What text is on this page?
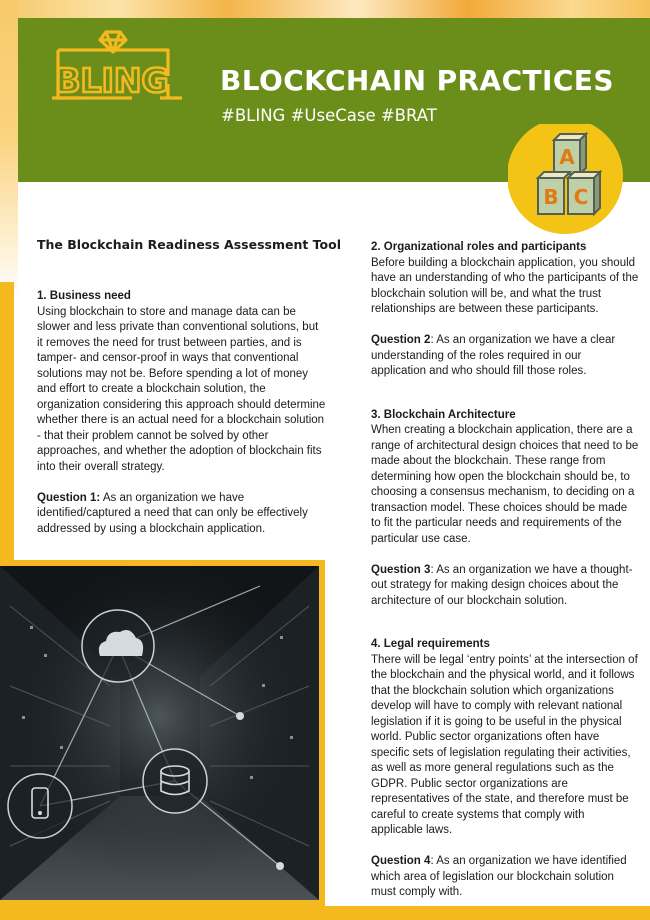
BLING BLOCKCHAIN PRACTICES
#BLING #UseCase #BRAT
A
B C
The Blockchain Readiness Assessment Tool
1. Business need

Using blockchain to store and manage data can be slower and less private than conventional solutions, but it removes the need for trust between parties, and is tamper- and censor-proof in ways that conventional solutions may not be. Before spending a lot of money and effort to create a blockchain solution, the organization considering this approach should determine whether there is an actual need for a blockchain solution - that their problem cannot be solved by other approaches, and whether the adoption of blockchain fits into their overall strategy.

Question 1: As an organization we have identified/captured a need that can only be effectively addressed by using a blockchain application.

2. Organizational roles and participants

Before building a blockchain application, you should have an understanding of who the participants of the blockchain solution will be, and what the trust relationships are between these participants.

Question 2: As an organization we have a clear understanding of the roles required in our application and who should fill those roles.

3. Blockchain Architecture

When creating a blockchain application, there are a range of architectural design choices that need to be made about the blockchain. These range from determining how open the blockchain should be, to choosing a consensus mechanism, to deciding on a transaction model. These choices should be made to fit the particular needs and requirements of the particular use case.

Question 3: As an organization we have a thought-out strategy for making design choices about the architecture of our blockchain solution.

4. Legal requirements

There will be legal ‘entry points’ at the intersection of the blockchain and the physical world, and it follows that the blockchain solution which organizations develop will have to comply with relevant national legislation if it is going to be useful in the physical world. Public sector organizations often have specific sets of legislation regulating their activities, as well as more general regulations such as the GDPR. Public sector organizations are representatives of the state, and therefore must be careful to create systems that comply with applicable laws.

Question 4: As an organization we have identified which area of legislation our blockchain solution must comply with.
